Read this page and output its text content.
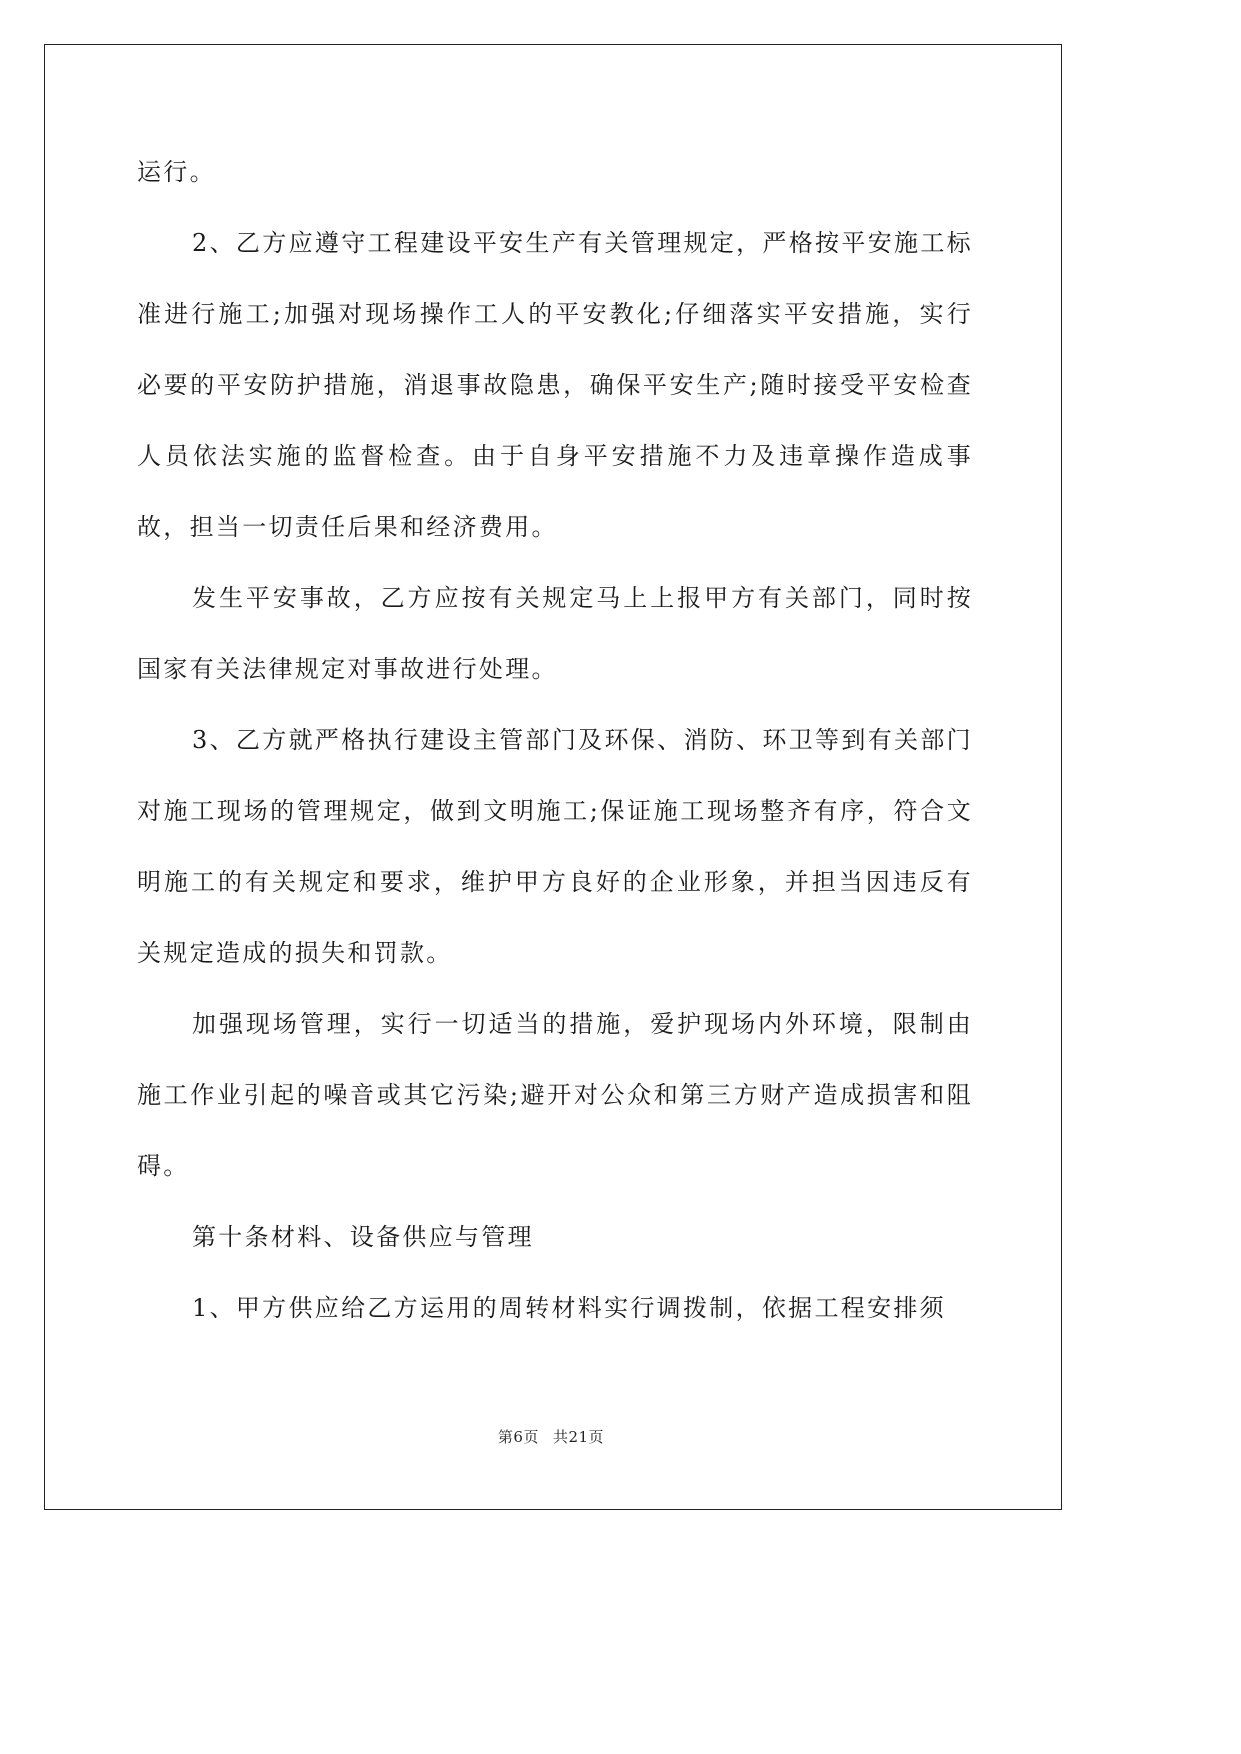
运行。

2、乙方应遵守工程建设平安生产有关管理规定，严格按平安施工标准进行施工;加强对现场操作工人的平安教化;仔细落实平安措施，实行必要的平安防护措施，消退事故隐患，确保平安生产;随时接受平安检查人员依法实施的监督检查。由于自身平安措施不力及违章操作造成事故，担当一切责任后果和经济费用。

发生平安事故，乙方应按有关规定马上上报甲方有关部门，同时按国家有关法律规定对事故进行处理。

3、乙方就严格执行建设主管部门及环保、消防、环卫等到有关部门对施工现场的管理规定，做到文明施工;保证施工现场整齐有序，符合文明施工的有关规定和要求，维护甲方良好的企业形象，并担当因违反有关规定造成的损失和罚款。

加强现场管理，实行一切适当的措施，爱护现场内外环境，限制由施工作业引起的噪音或其它污染;避开对公众和第三方财产造成损害和阻碍。

第十条材料、设备供应与管理

1、甲方供应给乙方运用的周转材料实行调拨制，依据工程安排须

第6页 共21页
